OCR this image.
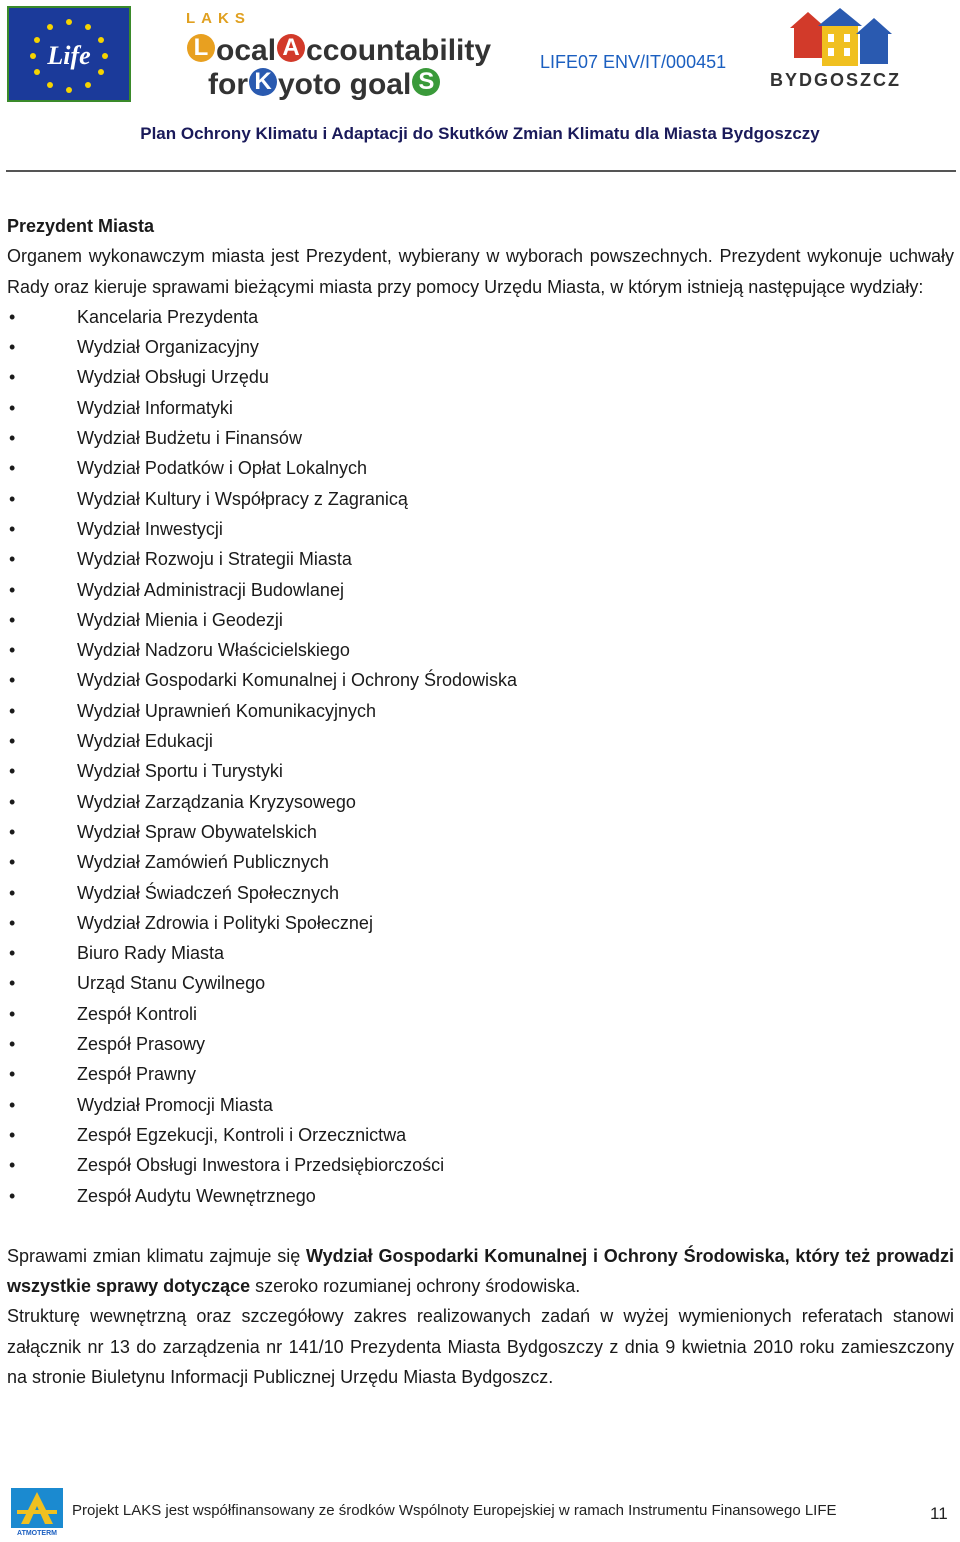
Life
LAKS
L ocal A ccountability
for K yoto goal S
LIFE07 ENV/IT/000451
BYDGOSZCZ
Plan Ochrony Klimatu i Adaptacji do Skutków Zmian Klimatu dla Miasta Bydgoszczy

Prezydent Miasta

Organem wykonawczym miasta jest Prezydent, wybierany w wyborach powszechnych. Prezydent wykonuje uchwały Rady oraz kieruje sprawami bieżącymi miasta przy pomocy Urzędu Miasta, w którym istnieją następujące wydziały:

• Kancelaria Prezydenta
• Wydział Organizacyjny
• Wydział Obsługi Urzędu
• Wydział Informatyki
• Wydział Budżetu i Finansów
• Wydział Podatków i Opłat Lokalnych
• Wydział Kultury i Współpracy z Zagranicą
• Wydział Inwestycji
• Wydział Rozwoju i Strategii Miasta
• Wydział Administracji Budowlanej
• Wydział Mienia i Geodezji
• Wydział Nadzoru Właścicielskiego
• Wydział Gospodarki Komunalnej i Ochrony Środowiska
• Wydział Uprawnień Komunikacyjnych
• Wydział Edukacji
• Wydział Sportu i Turystyki
• Wydział Zarządzania Kryzysowego
• Wydział Spraw Obywatelskich
• Wydział Zamówień Publicznych
• Wydział Świadczeń Społecznych
• Wydział Zdrowia i Polityki Społecznej
• Biuro Rady Miasta
• Urząd Stanu Cywilnego
• Zespół Kontroli
• Zespół Prasowy
• Zespół Prawny
• Wydział Promocji Miasta
• Zespół Egzekucji, Kontroli i Orzecznictwa
• Zespół Obsługi Inwestora i Przedsiębiorczości
• Zespół Audytu Wewnętrznego

Sprawami zmian klimatu zajmuje się Wydział Gospodarki Komunalnej i Ochrony Środowiska, który też prowadzi wszystkie sprawy dotyczące szeroko rozumianej ochrony środowiska.

Strukturę wewnętrzną oraz szczegółowy zakres realizowanych zadań w wyżej wymienionych referatach stanowi załącznik nr 13 do zarządzenia nr 141/10 Prezydenta Miasta Bydgoszczy z dnia 9 kwietnia 2010 roku zamieszczony na stronie Biuletynu Informacji Publicznej Urzędu Miasta Bydgoszcz.

ATMOTERM
Projekt LAKS jest współfinansowany ze środków Wspólnoty Europejskiej w ramach Instrumentu Finansowego LIFE	11
